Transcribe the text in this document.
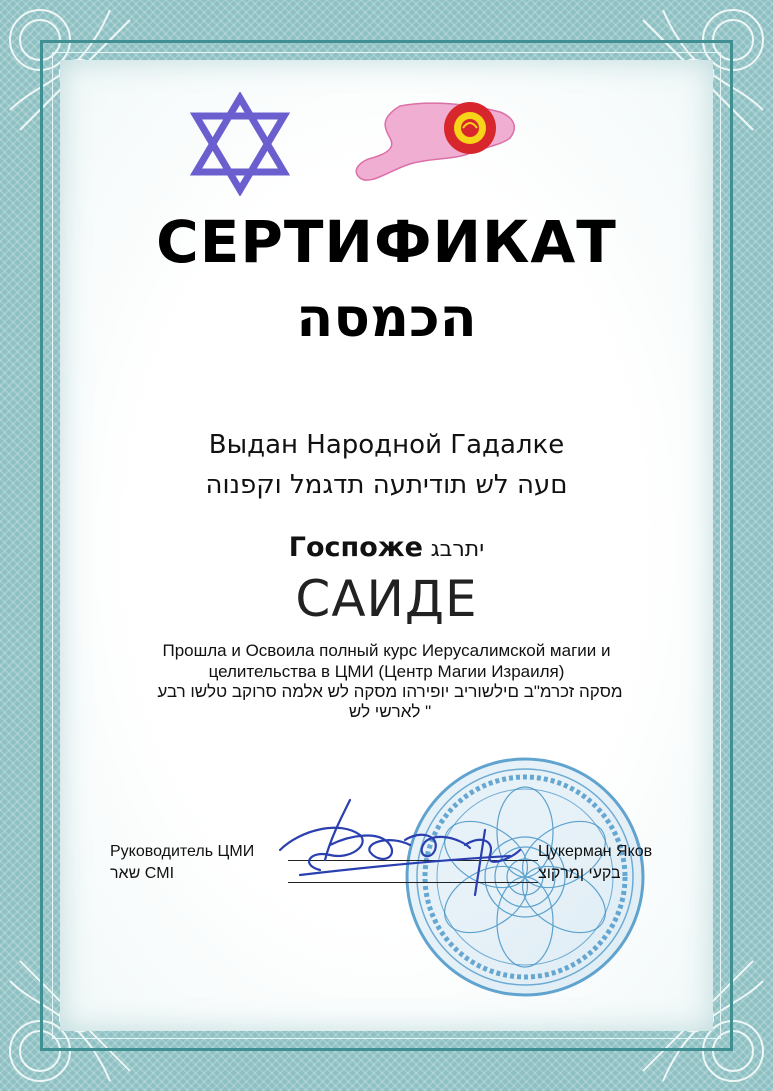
СЕРТИФИКАТ
הכמסה
Выдан Народной Гадалке
םעה לש תודיתעה תדגמל וקפנוה
Госпоже יתרבג
САИДЕ
Прошла и Освоила полный курс Иерусалимской магии и
целительства в ЦМИ (Центр Магии Израиля)
מסקה זכרמ"ב םילשוריב יופירהו מסקה לש אלמה סרוקב טלשו רבע
" לארשי לש
Руководитель ЦМИ
שאר CMI
Цукерман Яков
בקעי ןמרקוצ
